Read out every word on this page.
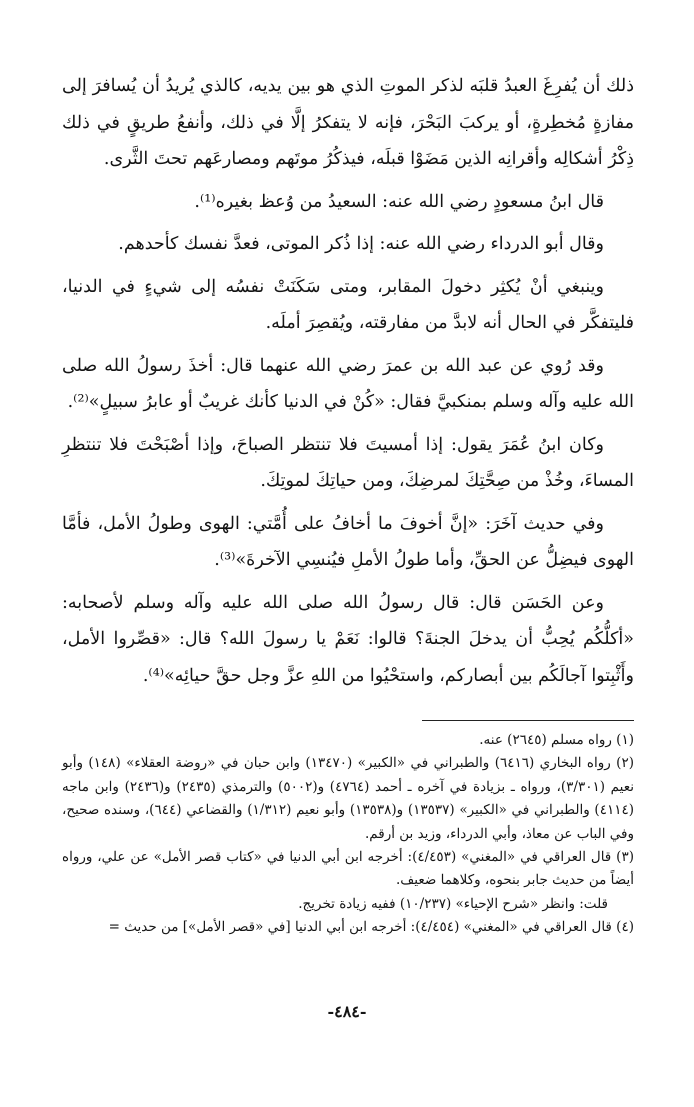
ذلك أن يُفرِغَ العبدُ قلبَه لذكر الموتِ الذي هو بين يديه، كالذي يُريدُ أن يُسافرَ إلى مفازةٍ مُخطِرةٍ، أو يركبَ البَحْرَ، فإنه لا يتفكرُ إلَّا في ذلك، وأنفعُ طريقٍ في ذلك ذِكْرُ أشكالِه وأقرانِه الذين مَضَوْا قبلَه، فيذكُرُ موتَهم ومصارعَهم تحتَ الثَّرى.

قال ابنُ مسعودٍ رضي الله عنه: السعيدُ من وُعظ بغيره⁽¹⁾.

وقال أبو الدرداء رضي الله عنه: إذا ذُكر الموتى، فعدَّ نفسك كأحدهم.

وينبغي أنْ يُكثِر دخولَ المقابر، ومتى سَكَنَتْ نفسُه إلى شيءٍ في الدنيا، فليتفكَّر في الحال أنه لابدَّ من مفارقته، ويُقصِرَ أملَه.

وقد رُوي عن عبد الله بن عمرَ رضي الله عنهما قال: أخذَ رسولُ الله صلى الله عليه وآله وسلم بمنكبيَّ فقال: «كُنْ في الدنيا كأنك غريبٌ أو عابرُ سبيلٍ»⁽²⁾.

وكان ابنُ عُمَرَ يقول: إذا أمسيتَ فلا تنتظر الصباحَ، وإذا أصْبَحْتَ فلا تنتظرِ المساءَ، وخُذْ من صِحَّتِكَ لمرضِكَ، ومن حياتِكَ لموتِكَ.

وفي حديث آخَرَ: «إنَّ أخوفَ ما أخافُ على أُمَّتي: الهوى وطولُ الأمل، فأمَّا الهوى فيضِلُّ عن الحقِّ، وأما طولُ الأملِ فيُنسِي الآخرةَ»⁽³⁾.

وعن الحَسَن قال: قال رسولُ الله صلى الله عليه وآله وسلم لأصحابه: «أكلُّكُم يُحِبُّ أن يدخلَ الجنةَ؟ قالوا: نَعَمْ يا رسولَ الله؟ قال: «قصِّروا الأمل، وأَثْبِتوا آجالَكُم بين أبصاركم، واستحْيُوا من اللهِ عزَّ وجل حقَّ حيائِه»⁽⁴⁾.

(١) رواه مسلم (٢٦٤٥) عنه.

(٢) رواه البخاري (٦٤١٦) والطبراني في «الكبير» (١٣٤٧٠) وابن حبان في «روضة العقلاء» (١٤٨) وأبو نعيم (٣/٣٠١)، ورواه ـ بزيادة في آخره ـ أحمد (٤٧٦٤) و(٥٠٠٢) والترمذي (٢٤٣٥) و(٢٤٣٦) وابن ماجه (٤١١٤) والطبراني في «الكبير» (١٣٥٣٧) و(١٣٥٣٨) وأبو نعيم (١/٣١٢) والقضاعي (٦٤٤)، وسنده صحيح، وفي الباب عن معاذ، وأبي الدرداء، وزيد بن أرقم.

(٣) قال العراقي في «المغني» (٤/٤٥٣): أخرجه ابن أبي الدنيا في «كتاب قصر الأمل» عن علي، ورواه أيضاً من حديث جابر بنحوه، وكلاهما ضعيف.

قلت: وانظر «شرح الإحياء» (١٠/٢٣٧) ففيه زيادة تخريج.

(٤) قال العراقي في «المغني» (٤/٤٥٤): أخرجه ابن أبي الدنيا [في «قصر الأمل»] من حديث =

-٤٨٤-
